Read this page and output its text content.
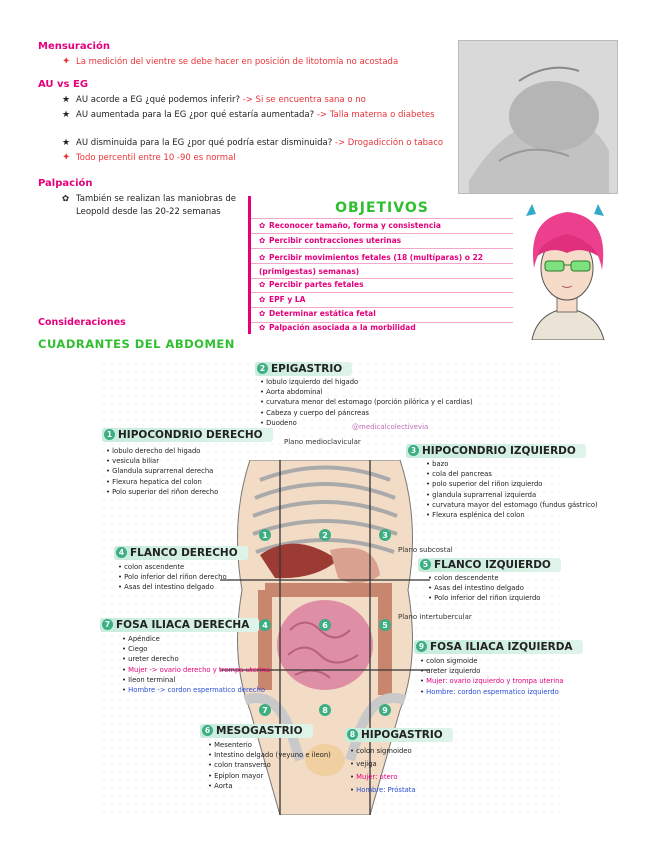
Mensuración
✦ La medición del vientre se debe hacer en posición de litotomía no acostada
AU vs EG
★ AU acorde a EG ¿qué podemos inferir? -> Si se encuentra sana o no
★ AU aumentada para la EG ¿por qué estaría aumentada? -> Talla materna o diabetes
★ AU disminuida para la EG ¿por qué podría estar disminuida? -> Drogadicción o tabaco
✦ Todo percentil entre 10 -90 es normal
Palpación
✿ También se realizan las maniobras de Leopold desde las 20-22 semanas	OBJETIVOS
✿ Reconocer tamaño, forma y consistencia
✿ Percibir contracciones uterinas
✿ Percibir movimientos fetales (18 (multíparas) o 22 (primigestas) semanas)
✿ Percibir partes fetales
✿ EPF y LA
✿ Determinar estática fetal
✿ Palpación asociada a la morbilidad
Consideraciones
CUADRANTES DEL ABDOMEN
1	2	3
4	6	5
7	8	9
Plano medioclavicular
Plano subcostal
Plano intertubercular
@medicalcolectivevia
2 EPIGASTRIO
• lobulo izquierdo del higado
• Aorta abdominal
• curvatura menor del estomago (porción pilórica y el cardias)
• Cabeza y cuerpo del páncreas
• Duodeno
1 HIPOCONDRIO DERECHO
• lobulo derecho del higado
• vesicula biliar
• Glandula suprarrenal derecha
• Flexura hepatica del colon
• Polo superior del riñon derecho
3 HIPOCONDRIO IZQUIERDO
• bazo
• cola del pancreas
• polo superior del riñon izquierdo
• glandula suprarrenal izquierda
• curvatura mayor del estomago (fundus gástrico)
• Flexura esplénica del colon
4 FLANCO DERECHO
• colon ascendente
• Polo inferior del riñon derecho
• Asas del intestino delgado
5 FLANCO IZQUIERDO
• colon descendente
• Asas del intestino delgado
• Polo inferior del riñon izquierdo
7 FOSA ILIACA DERECHA
• Apéndice
• Ciego
• ureter derecho
• Mujer -> ovario derecho y trompa uterina
• Ileon terminal
• Hombre -> cordon espermatico derecho
9 FOSA ILIACA IZQUIERDA
• colon sigmoide
• ureter izquierdo
• Mujer: ovario izquierdo y trompa uterina
• Hombre: cordon espermatico izquierdo
6 MESOGASTRIO
• Mesenterio
• Intestino delgado (yeyuno e ileon)
• colon transverso
• Epiplon mayor
• Aorta
8 HIPOGASTRIO
• colon sigmoideo
• vejiga
• Mujer: utero
• Hombre: Próstata
